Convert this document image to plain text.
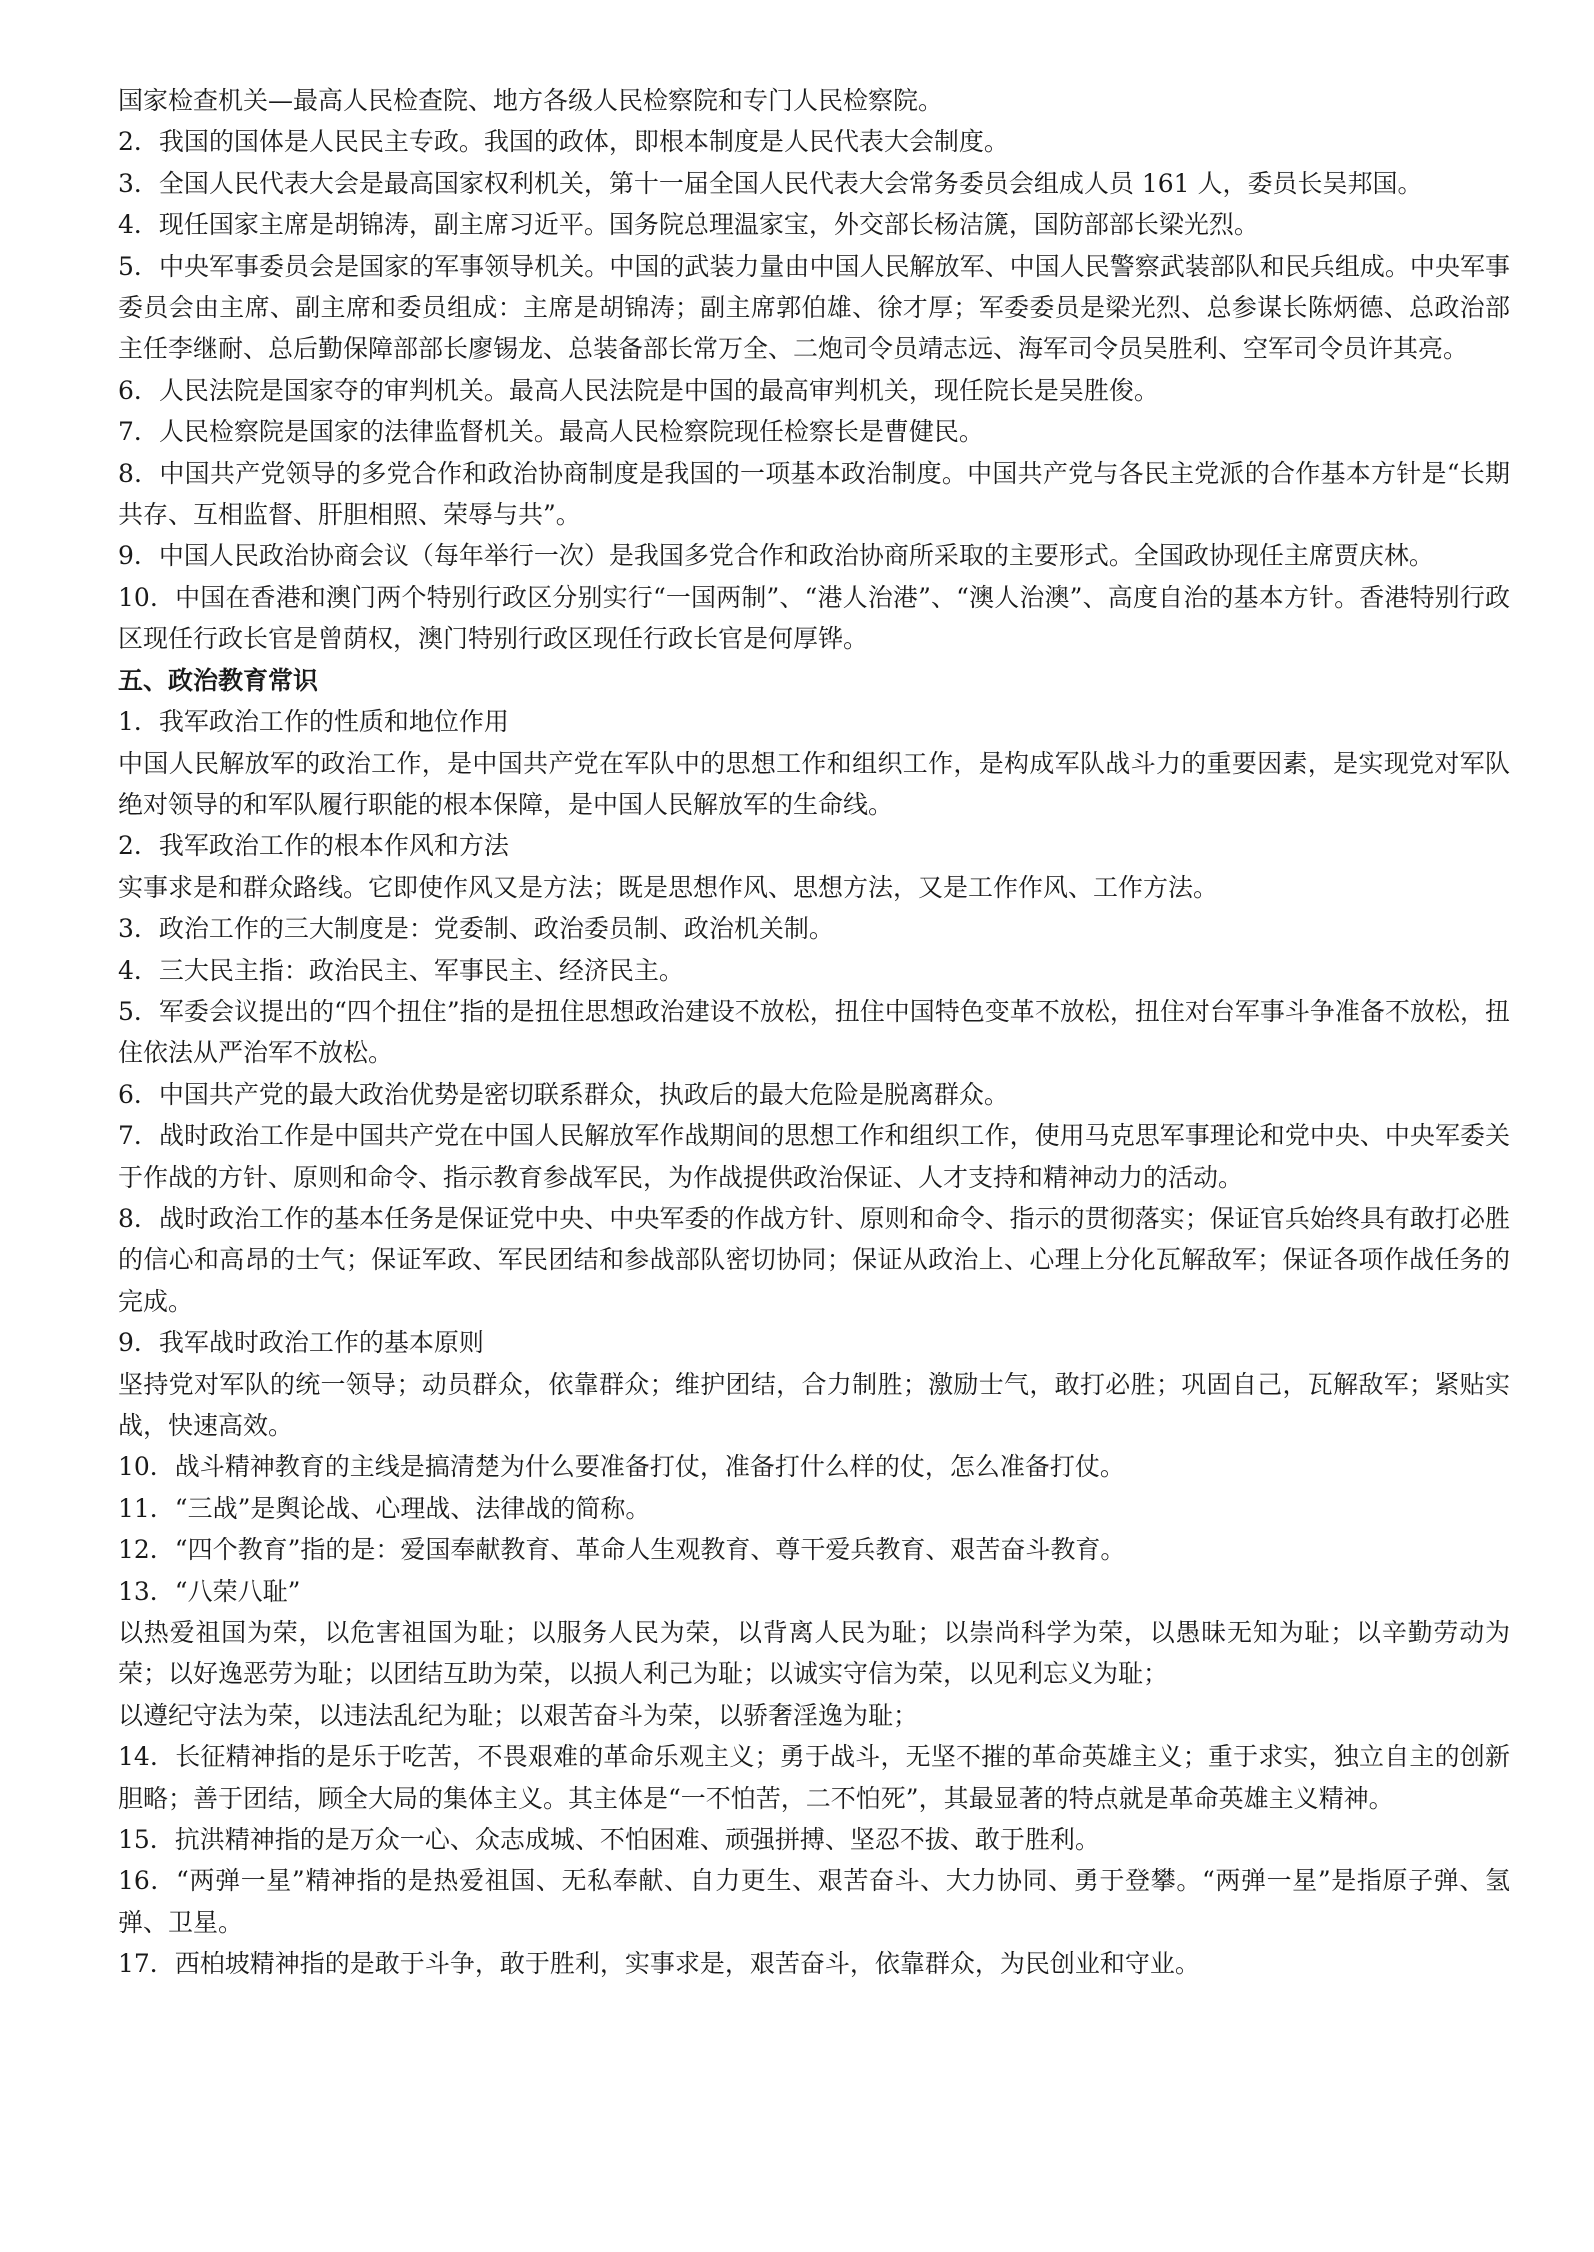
国家检查机关—最高人民检查院、地方各级人民检察院和专门人民检察院。

2．我国的国体是人民民主专政。我国的政体，即根本制度是人民代表大会制度。

3．全国人民代表大会是最高国家权利机关，第十一届全国人民代表大会常务委员会组成人员 161 人，委员长吴邦国。

4．现任国家主席是胡锦涛，副主席习近平。国务院总理温家宝，外交部长杨洁篪，国防部部长梁光烈。

5．中央军事委员会是国家的军事领导机关。中国的武装力量由中国人民解放军、中国人民警察武装部队和民兵组成。中央军事委员会由主席、副主席和委员组成：主席是胡锦涛；副主席郭伯雄、徐才厚；军委委员是梁光烈、总参谋长陈炳德、总政治部主任李继耐、总后勤保障部部长廖锡龙、总装备部长常万全、二炮司令员靖志远、海军司令员吴胜利、空军司令员许其亮。

6．人民法院是国家夺的审判机关。最高人民法院是中国的最高审判机关，现任院长是吴胜俊。

7．人民检察院是国家的法律监督机关。最高人民检察院现任检察长是曹健民。

8．中国共产党领导的多党合作和政治协商制度是我国的一项基本政治制度。中国共产党与各民主党派的合作基本方针是“长期共存、互相监督、肝胆相照、荣辱与共”。

9．中国人民政治协商会议（每年举行一次）是我国多党合作和政治协商所采取的主要形式。全国政协现任主席贾庆林。

10．中国在香港和澳门两个特别行政区分别实行“一国两制”、“港人治港”、“澳人治澳”、高度自治的基本方针。香港特别行政区现任行政长官是曾荫权，澳门特别行政区现任行政长官是何厚铧。

五、政治教育常识

1．我军政治工作的性质和地位作用

中国人民解放军的政治工作，是中国共产党在军队中的思想工作和组织工作，是构成军队战斗力的重要因素，是实现党对军队绝对领导的和军队履行职能的根本保障，是中国人民解放军的生命线。

2．我军政治工作的根本作风和方法

实事求是和群众路线。它即使作风又是方法；既是思想作风、思想方法，又是工作作风、工作方法。

3．政治工作的三大制度是：党委制、政治委员制、政治机关制。

4．三大民主指：政治民主、军事民主、经济民主。

5．军委会议提出的“四个扭住”指的是扭住思想政治建设不放松，扭住中国特色变革不放松，扭住对台军事斗争准备不放松，扭住依法从严治军不放松。

6．中国共产党的最大政治优势是密切联系群众，执政后的最大危险是脱离群众。

7．战时政治工作是中国共产党在中国人民解放军作战期间的思想工作和组织工作，使用马克思军事理论和党中央、中央军委关于作战的方针、原则和命令、指示教育参战军民，为作战提供政治保证、人才支持和精神动力的活动。

8．战时政治工作的基本任务是保证党中央、中央军委的作战方针、原则和命令、指示的贯彻落实；保证官兵始终具有敢打必胜的信心和高昂的士气；保证军政、军民团结和参战部队密切协同；保证从政治上、心理上分化瓦解敌军；保证各项作战任务的完成。

9．我军战时政治工作的基本原则

坚持党对军队的统一领导；动员群众，依靠群众；维护团结，合力制胜；激励士气，敢打必胜；巩固自己，瓦解敌军；紧贴实战，快速高效。

10．战斗精神教育的主线是搞清楚为什么要准备打仗，准备打什么样的仗，怎么准备打仗。

11．“三战”是舆论战、心理战、法律战的简称。

12．“四个教育”指的是：爱国奉献教育、革命人生观教育、尊干爱兵教育、艰苦奋斗教育。

13．“八荣八耻”

以热爱祖国为荣，以危害祖国为耻；以服务人民为荣，以背离人民为耻；以崇尚科学为荣，以愚昧无知为耻；以辛勤劳动为荣；以好逸恶劳为耻；以团结互助为荣，以损人利己为耻；以诚实守信为荣，以见利忘义为耻；

以遵纪守法为荣，以违法乱纪为耻；以艰苦奋斗为荣，以骄奢淫逸为耻；

14．长征精神指的是乐于吃苦，不畏艰难的革命乐观主义；勇于战斗，无坚不摧的革命英雄主义；重于求实，独立自主的创新胆略；善于团结，顾全大局的集体主义。其主体是“一不怕苦，二不怕死”，其最显著的特点就是革命英雄主义精神。

15．抗洪精神指的是万众一心、众志成城、不怕困难、顽强拼搏、坚忍不拔、敢于胜利。

16．“两弹一星”精神指的是热爱祖国、无私奉献、自力更生、艰苦奋斗、大力协同、勇于登攀。“两弹一星”是指原子弹、氢弹、卫星。

17．西柏坡精神指的是敢于斗争，敢于胜利，实事求是，艰苦奋斗，依靠群众，为民创业和守业。
